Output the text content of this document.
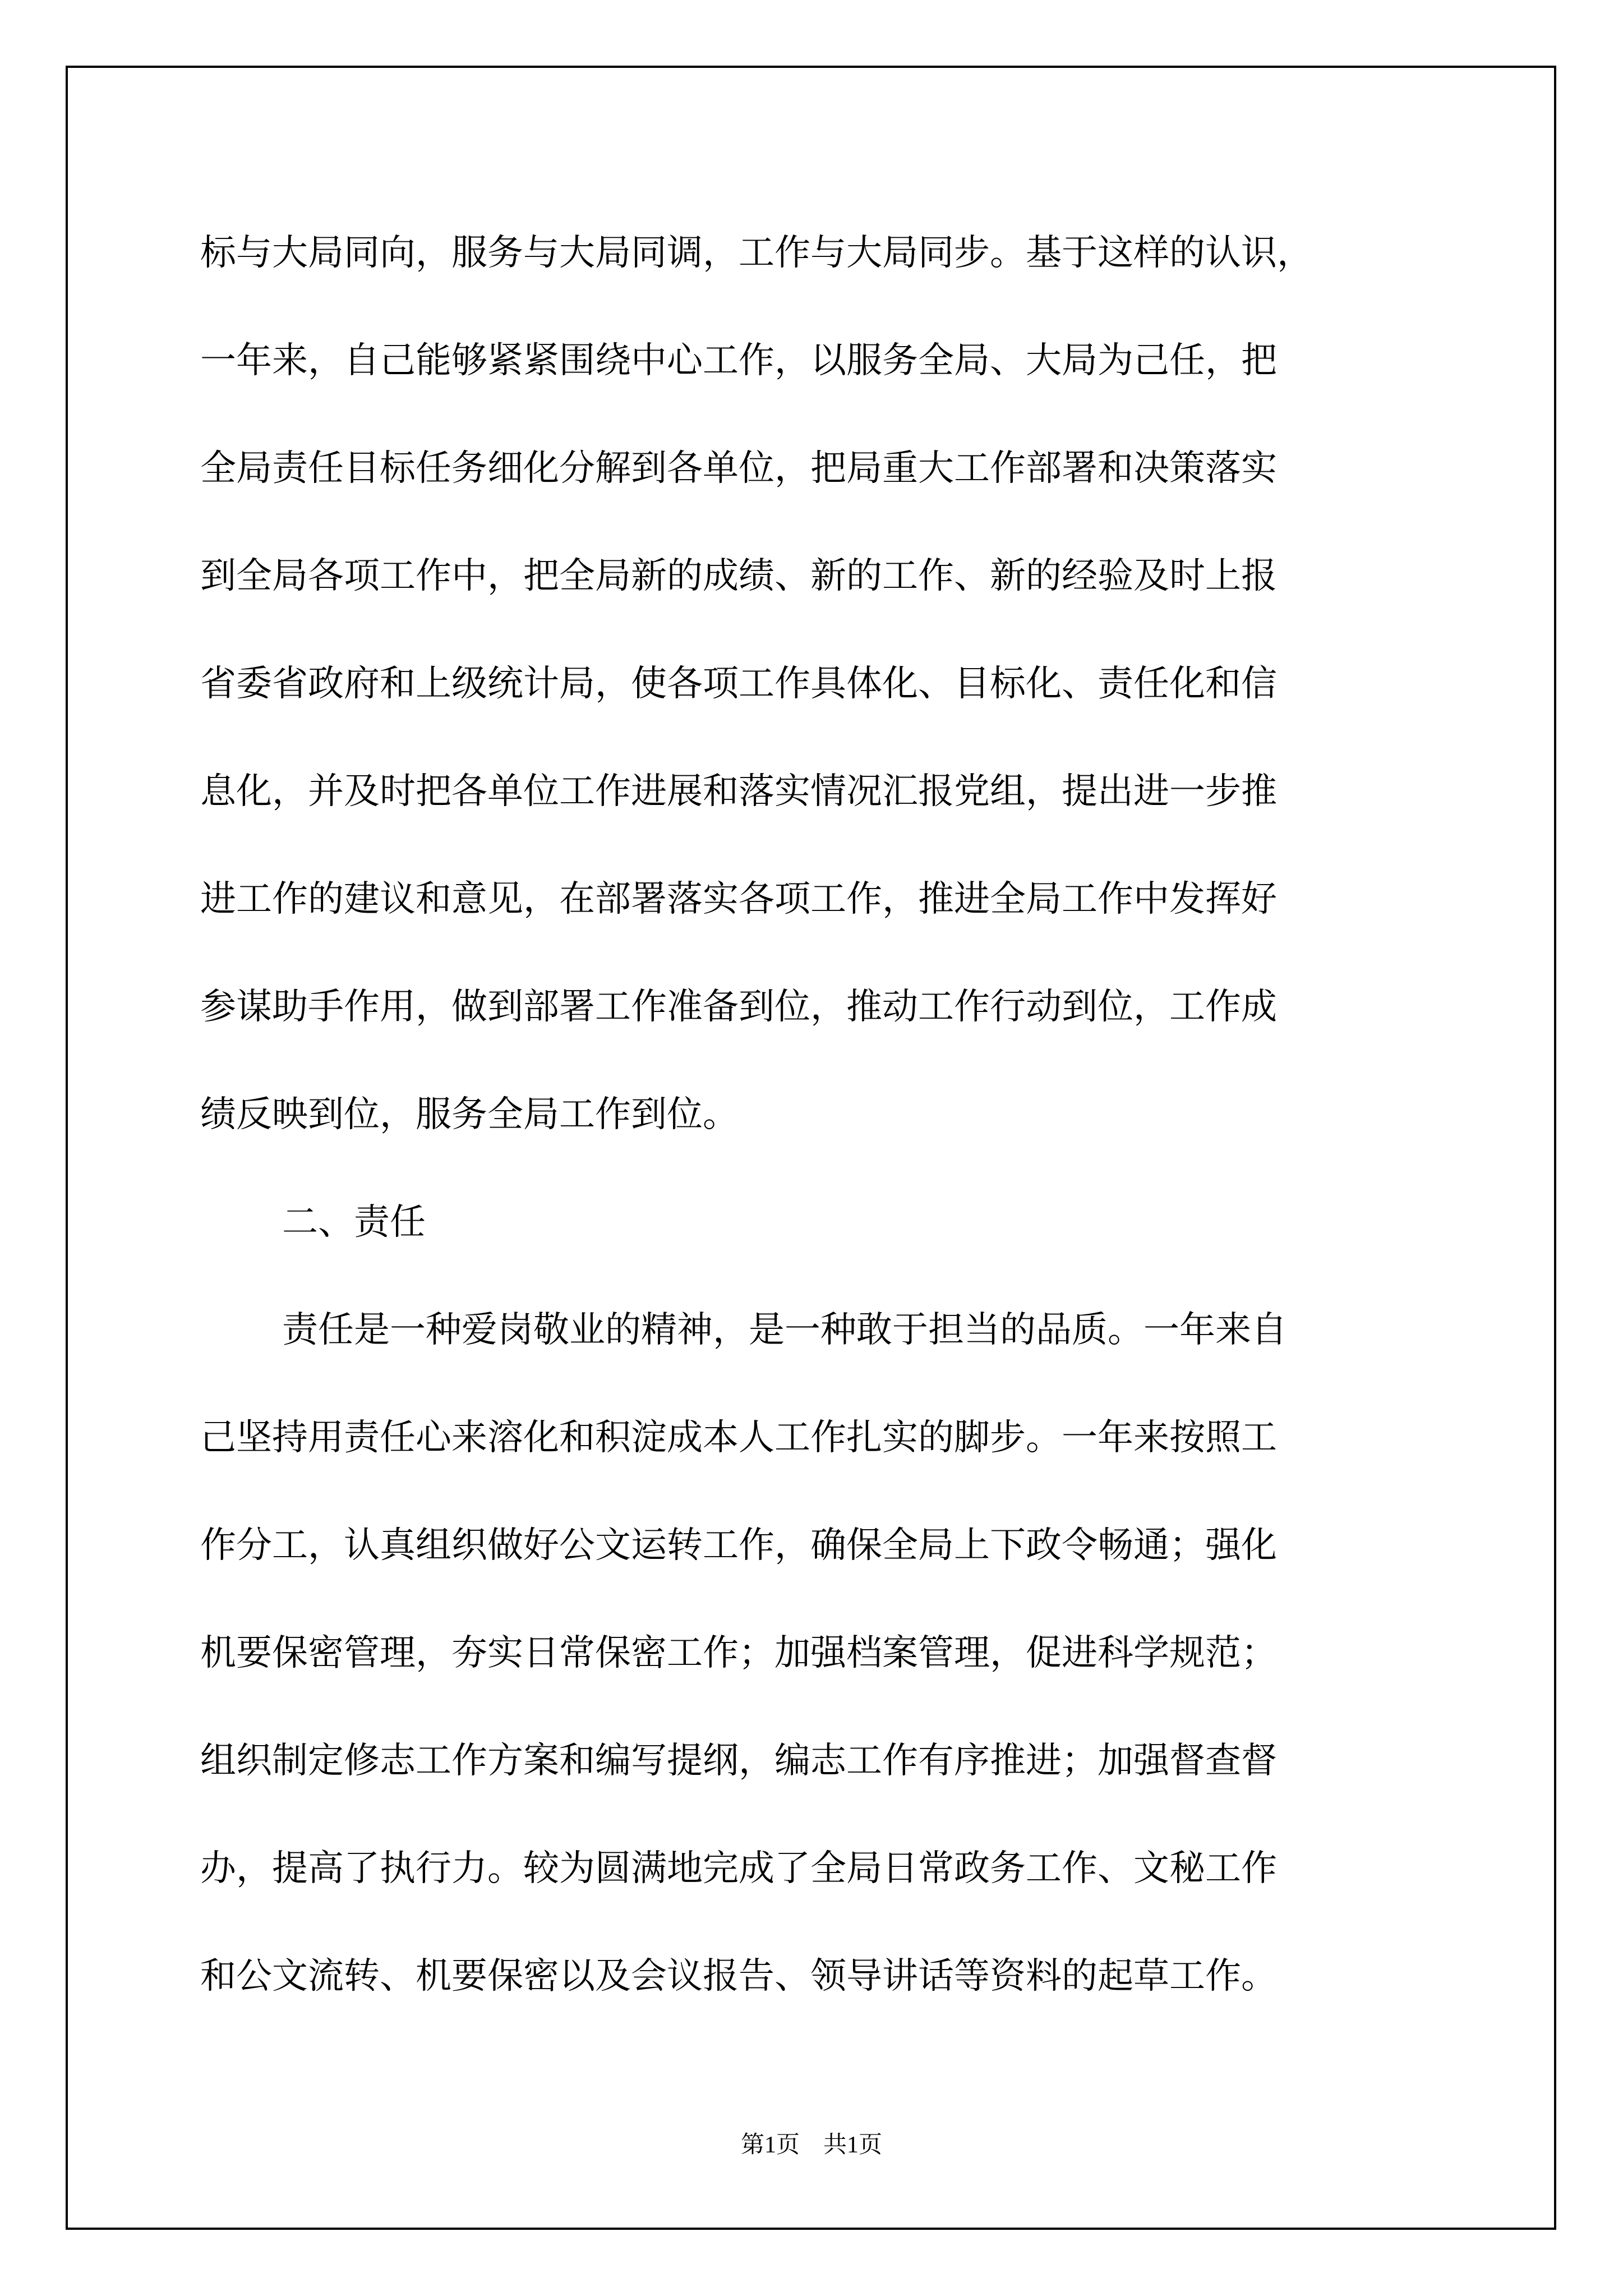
标与大局同向，服务与大局同调，工作与大局同步。基于这样的认识，
一年来，自己能够紧紧围绕中心工作，以服务全局、大局为己任，把
全局责任目标任务细化分解到各单位，把局重大工作部署和决策落实
到全局各项工作中，把全局新的成绩、新的工作、新的经验及时上报
省委省政府和上级统计局，使各项工作具体化、目标化、责任化和信
息化，并及时把各单位工作进展和落实情况汇报党组，提出进一步推
进工作的建议和意见，在部署落实各项工作，推进全局工作中发挥好
参谋助手作用，做到部署工作准备到位，推动工作行动到位，工作成
绩反映到位，服务全局工作到位。
二、责任
责任是一种爱岗敬业的精神，是一种敢于担当的品质。一年来自
己坚持用责任心来溶化和积淀成本人工作扎实的脚步。一年来按照工
作分工，认真组织做好公文运转工作，确保全局上下政令畅通；强化
机要保密管理，夯实日常保密工作；加强档案管理，促进科学规范；
组织制定修志工作方案和编写提纲，编志工作有序推进；加强督查督
办，提高了执行力。较为圆满地完成了全局日常政务工作、文秘工作
和公文流转、机要保密以及会议报告、领导讲话等资料的起草工作。
第1页　共1页
